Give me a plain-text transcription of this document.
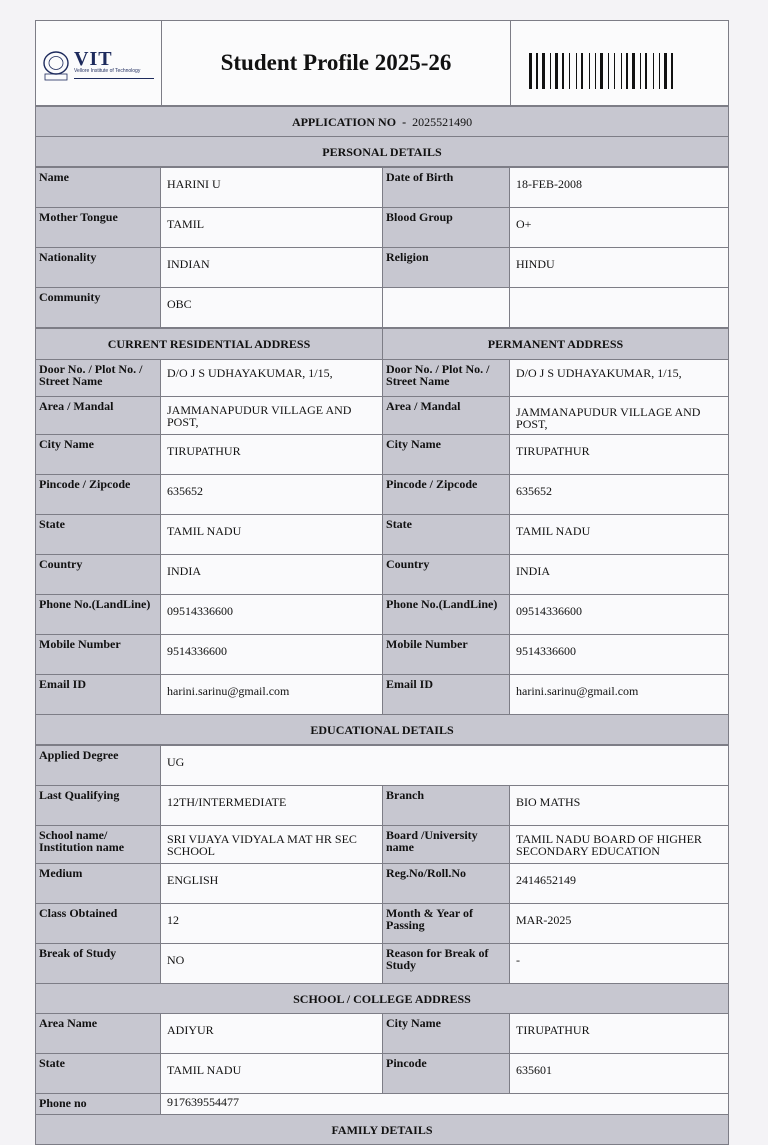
VIT
Vellore Institute of Technology	Student Profile 2025-26	
APPLICATION NO - 2025521490
PERSONAL DETAILS
Name	HARINI U	Date of Birth	18-FEB-2008
Mother Tongue	TAMIL	Blood Group	O+
Nationality	INDIAN	Religion	HINDU
Community	OBC		
CURRENT RESIDENTIAL ADDRESS		PERMANENT ADDRESS	
Door No. / Plot No. / Street Name	D/O J S UDHAYAKUMAR, 1/15,	Door No. / Plot No. / Street Name	D/O J S UDHAYAKUMAR, 1/15,
Area / Mandal	JAMMANAPUDUR VILLAGE AND POST,	Area / Mandal	JAMMANAPUDUR VILLAGE AND POST,
City Name	TIRUPATHUR	City Name	TIRUPATHUR
Pincode / Zipcode	635652	Pincode / Zipcode	635652
State	TAMIL NADU	State	TAMIL NADU
Country	INDIA	Country	INDIA
Phone No.(LandLine)	09514336600	Phone No.(LandLine)	09514336600
Mobile Number	9514336600	Mobile Number	9514336600
Email ID	harini.sarinu@gmail.com	Email ID	harini.sarinu@gmail.com
EDUCATIONAL DETAILS			
Applied Degree	UG		
Last Qualifying	12TH/INTERMEDIATE	Branch	BIO MATHS
School name/ Institution name	SRI VIJAYA VIDYALA MAT HR SEC SCHOOL	Board /University name	TAMIL NADU BOARD OF HIGHER SECONDARY EDUCATION
Medium	ENGLISH	Reg.No/Roll.No	2414652149
Class Obtained	12	Month & Year of Passing	MAR-2025
Break of Study	NO	Reason for Break of Study	-
SCHOOL / COLLEGE ADDRESS			
Area Name	ADIYUR	City Name	TIRUPATHUR
State	TAMIL NADU	Pincode	635601
Phone no	917639554477		
FAMILY DETAILS			
